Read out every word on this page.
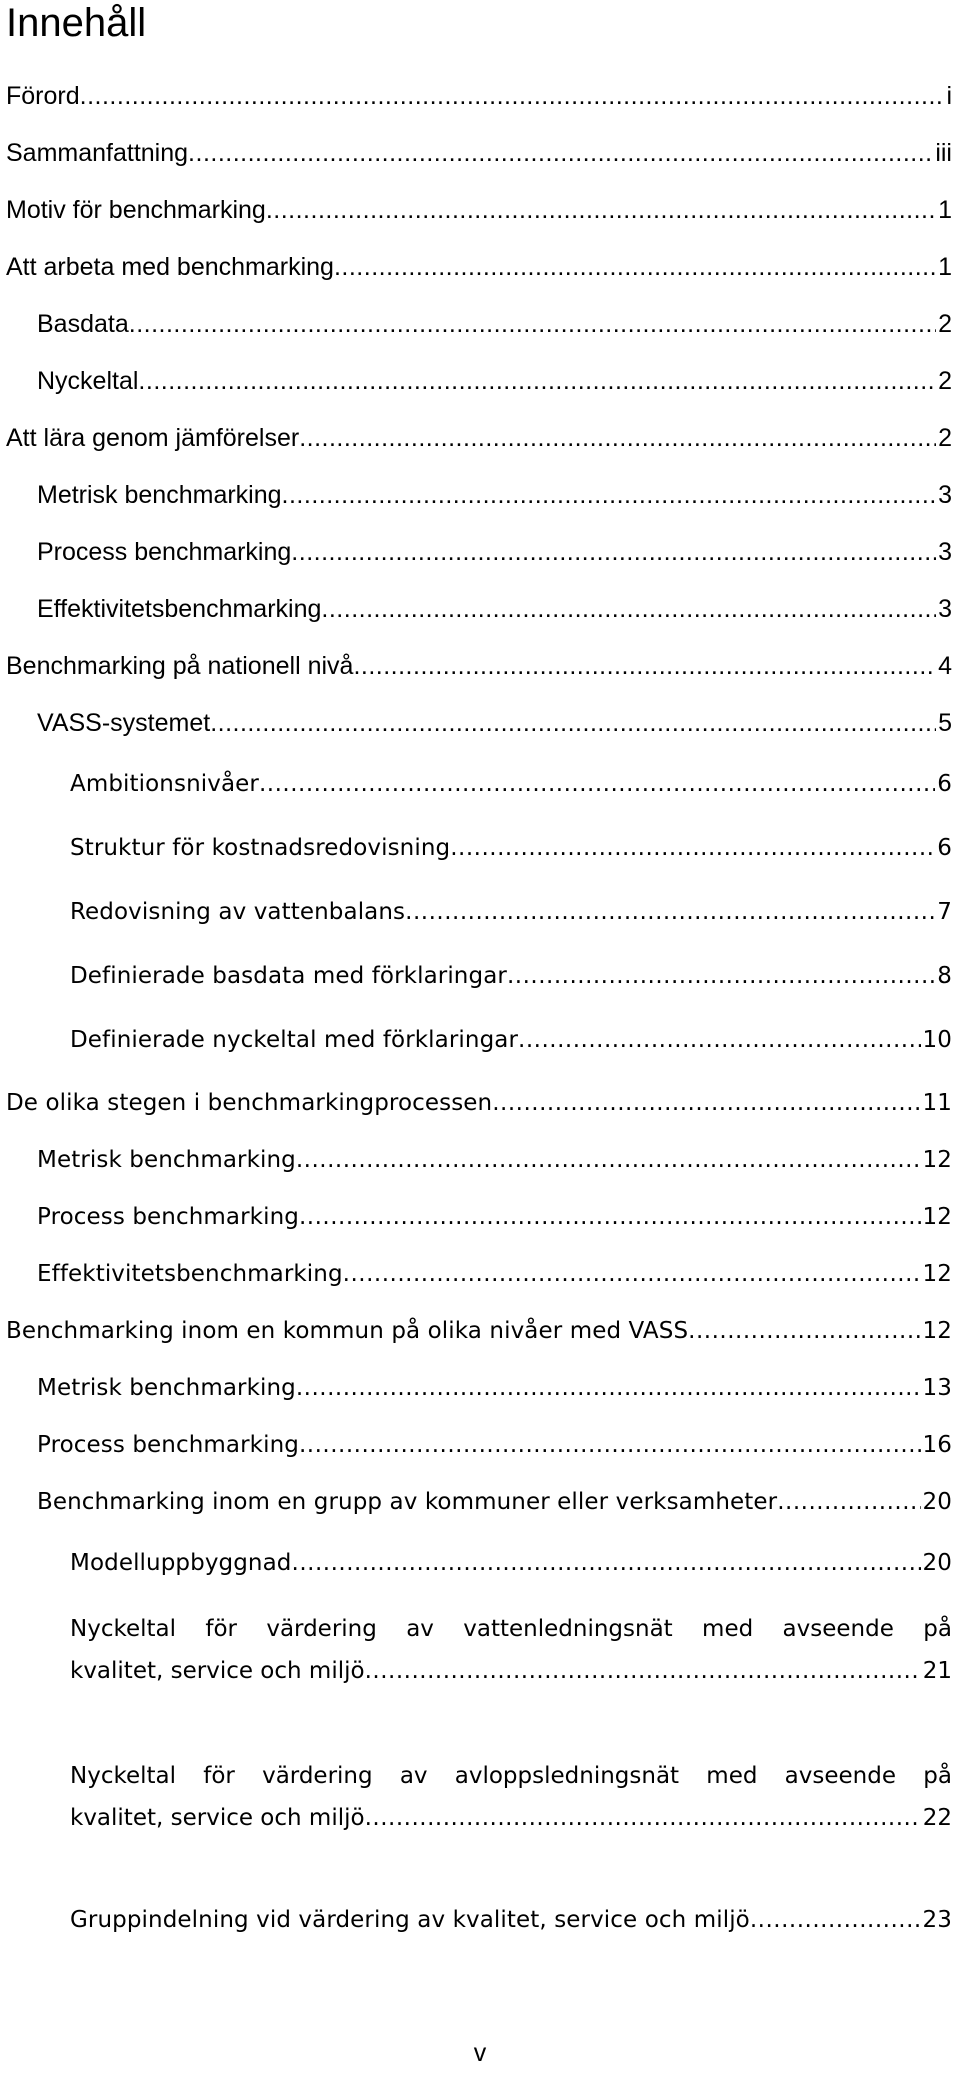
Innehåll
Förord .....	i
Sammanfattning .....	iii
Motiv för benchmarking .....	1
Att arbeta med benchmarking .....	1
Basdata .....	2
Nyckeltal .....	2
Att lära genom jämförelser .....	2
Metrisk benchmarking .....	3
Process benchmarking .....	3
Effektivitetsbenchmarking .....	3
Benchmarking på nationell nivå .....	4
VASS-systemet .....	5
Ambitionsnivåer .....	6
Struktur för kostnadsredovisning .....	6
Redovisning av vattenbalans .....	7
Definierade basdata med förklaringar .....	8
Definierade nyckeltal med förklaringar .....	10
De olika stegen i benchmarkingprocessen .....	11
Metrisk benchmarking .....	12
Process benchmarking .....	12
Effektivitetsbenchmarking .....	12
Benchmarking inom en kommun på olika nivåer med VASS .....	12
Metrisk benchmarking .....	13
Process benchmarking .....	16
Benchmarking inom en grupp av kommuner eller verksamheter .....	20
Modelluppbyggnad .....	20
Nyckeltal för värdering av vattenledningsnät med avseende på
kvalitet, service och miljö .....	21
Nyckeltal för värdering av avloppsledningsnät med avseende på
kvalitet, service och miljö .....	22
Gruppindelning vid värdering av kvalitet, service och miljö .....	23
v
